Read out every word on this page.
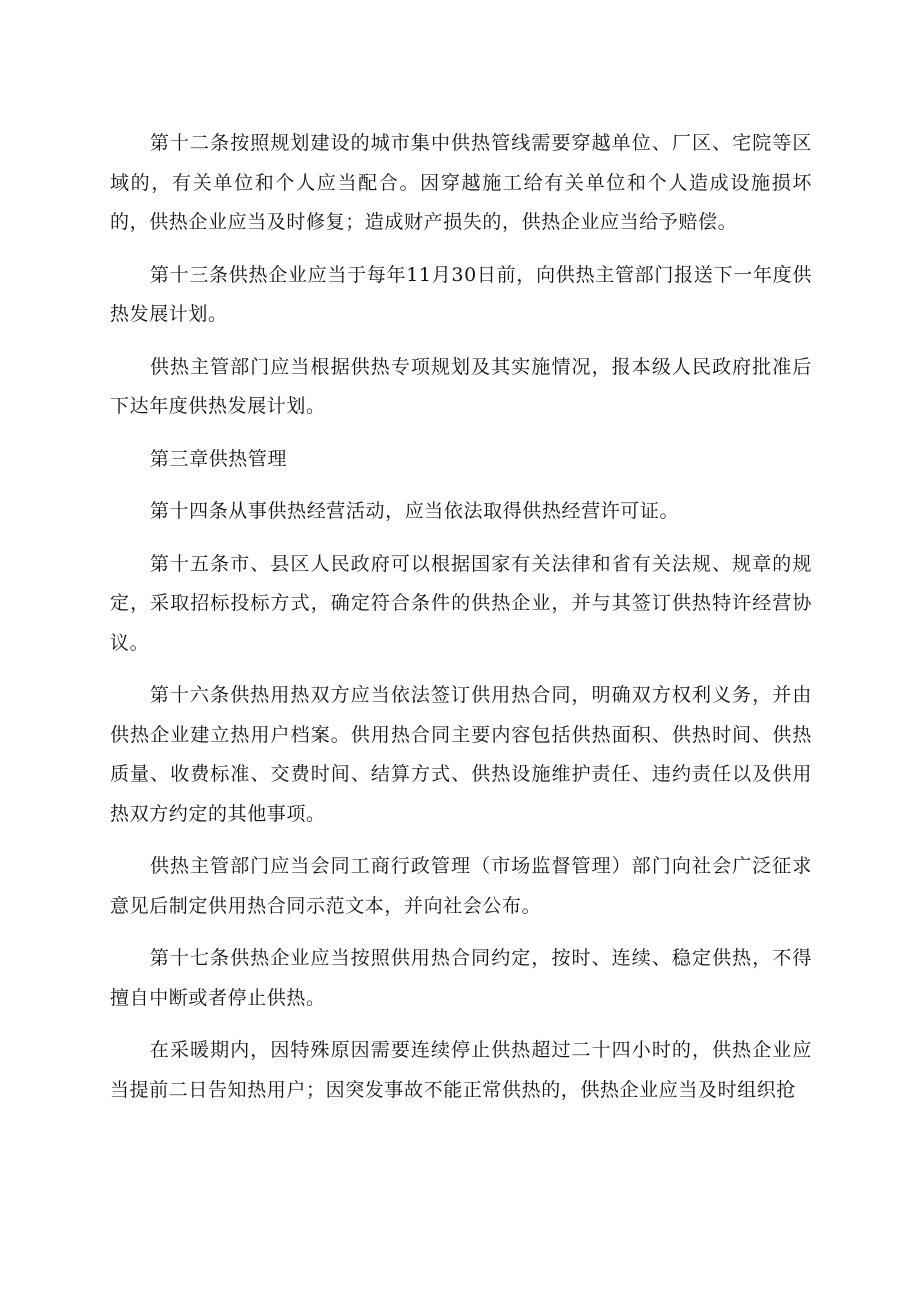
第十二条按照规划建设的城市集中供热管线需要穿越单位、厂区、宅院等区域的，有关单位和个人应当配合。因穿越施工给有关单位和个人造成设施损坏的，供热企业应当及时修复；造成财产损失的，供热企业应当给予赔偿。

第十三条供热企业应当于每年11月30日前，向供热主管部门报送下一年度供热发展计划。

供热主管部门应当根据供热专项规划及其实施情况，报本级人民政府批准后下达年度供热发展计划。

第三章供热管理

第十四条从事供热经营活动，应当依法取得供热经营许可证。

第十五条市、县区人民政府可以根据国家有关法律和省有关法规、规章的规定，采取招标投标方式，确定符合条件的供热企业，并与其签订供热特许经营协议。

第十六条供热用热双方应当依法签订供用热合同，明确双方权利义务，并由供热企业建立热用户档案。供用热合同主要内容包括供热面积、供热时间、供热质量、收费标准、交费时间、结算方式、供热设施维护责任、违约责任以及供用热双方约定的其他事项。

供热主管部门应当会同工商行政管理（市场监督管理）部门向社会广泛征求意见后制定供用热合同示范文本，并向社会公布。

第十七条供热企业应当按照供用热合同约定，按时、连续、稳定供热，不得擅自中断或者停止供热。

在采暖期内，因特殊原因需要连续停止供热超过二十四小时的，供热企业应当提前二日告知热用户；因突发事故不能正常供热的，供热企业应当及时组织抢
